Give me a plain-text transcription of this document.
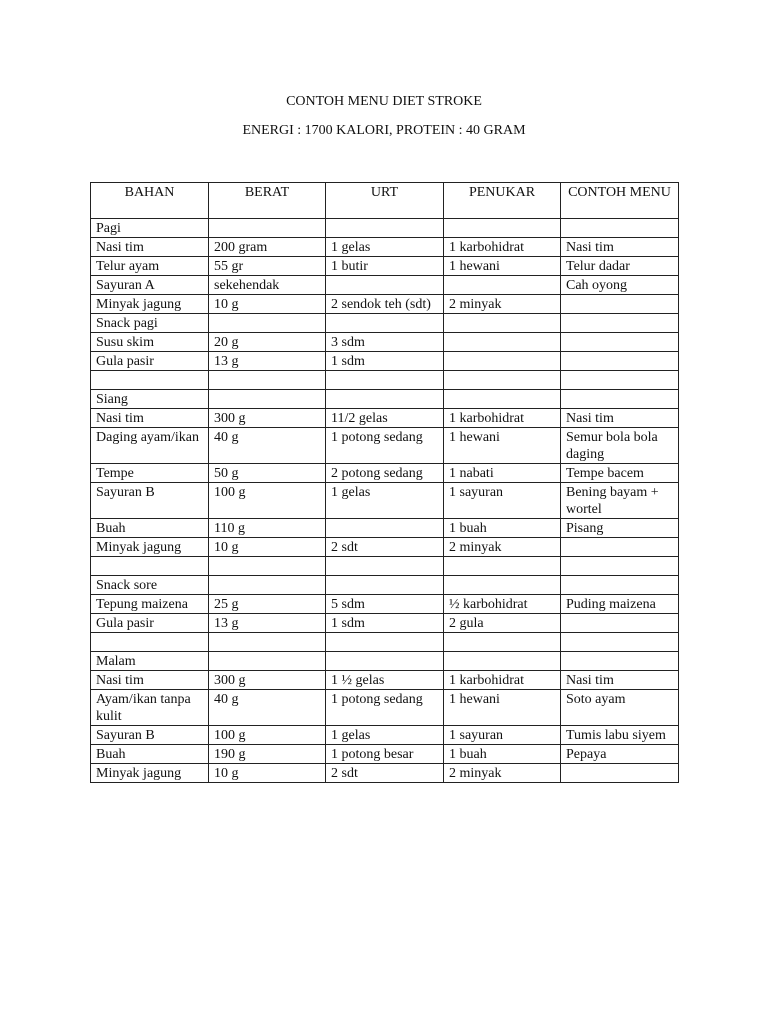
CONTOH MENU DIET STROKE
ENERGI : 1700 KALORI, PROTEIN : 40 GRAM
BAHAN	BERAT	URT	PENUKAR	CONTOH MENU
Pagi				
Nasi tim	200 gram	1 gelas	1 karbohidrat	Nasi tim
Telur ayam	55 gr	1 butir	1 hewani	Telur dadar
Sayuran A	sekehendak			Cah oyong
Minyak jagung	10 g	2 sendok teh (sdt)	2 minyak	
Snack pagi				
Susu skim	20 g	3 sdm		
Gula pasir	13 g	1 sdm		

Siang				
Nasi tim	300 g	11/2 gelas	1 karbohidrat	Nasi tim
Daging ayam/ikan	40 g	1 potong sedang	1 hewani	Semur bola bola daging
Tempe	50 g	2 potong sedang	1 nabati	Tempe bacem
Sayuran B	100 g	1 gelas	1 sayuran	Bening bayam + wortel
Buah	110 g		1 buah	Pisang
Minyak jagung	10 g	2 sdt	2 minyak	

Snack sore				
Tepung maizena	25 g	5 sdm	½ karbohidrat	Puding maizena
Gula pasir	13 g	1 sdm	2 gula	

Malam				
Nasi tim	300 g	1 ½ gelas	1 karbohidrat	Nasi tim
Ayam/ikan tanpa kulit	40 g	1 potong sedang	1 hewani	Soto ayam
Sayuran B	100 g	1 gelas	1 sayuran	Tumis labu siyem
Buah	190 g	1 potong besar	1 buah	Pepaya
Minyak jagung	10 g	2 sdt	2 minyak	
